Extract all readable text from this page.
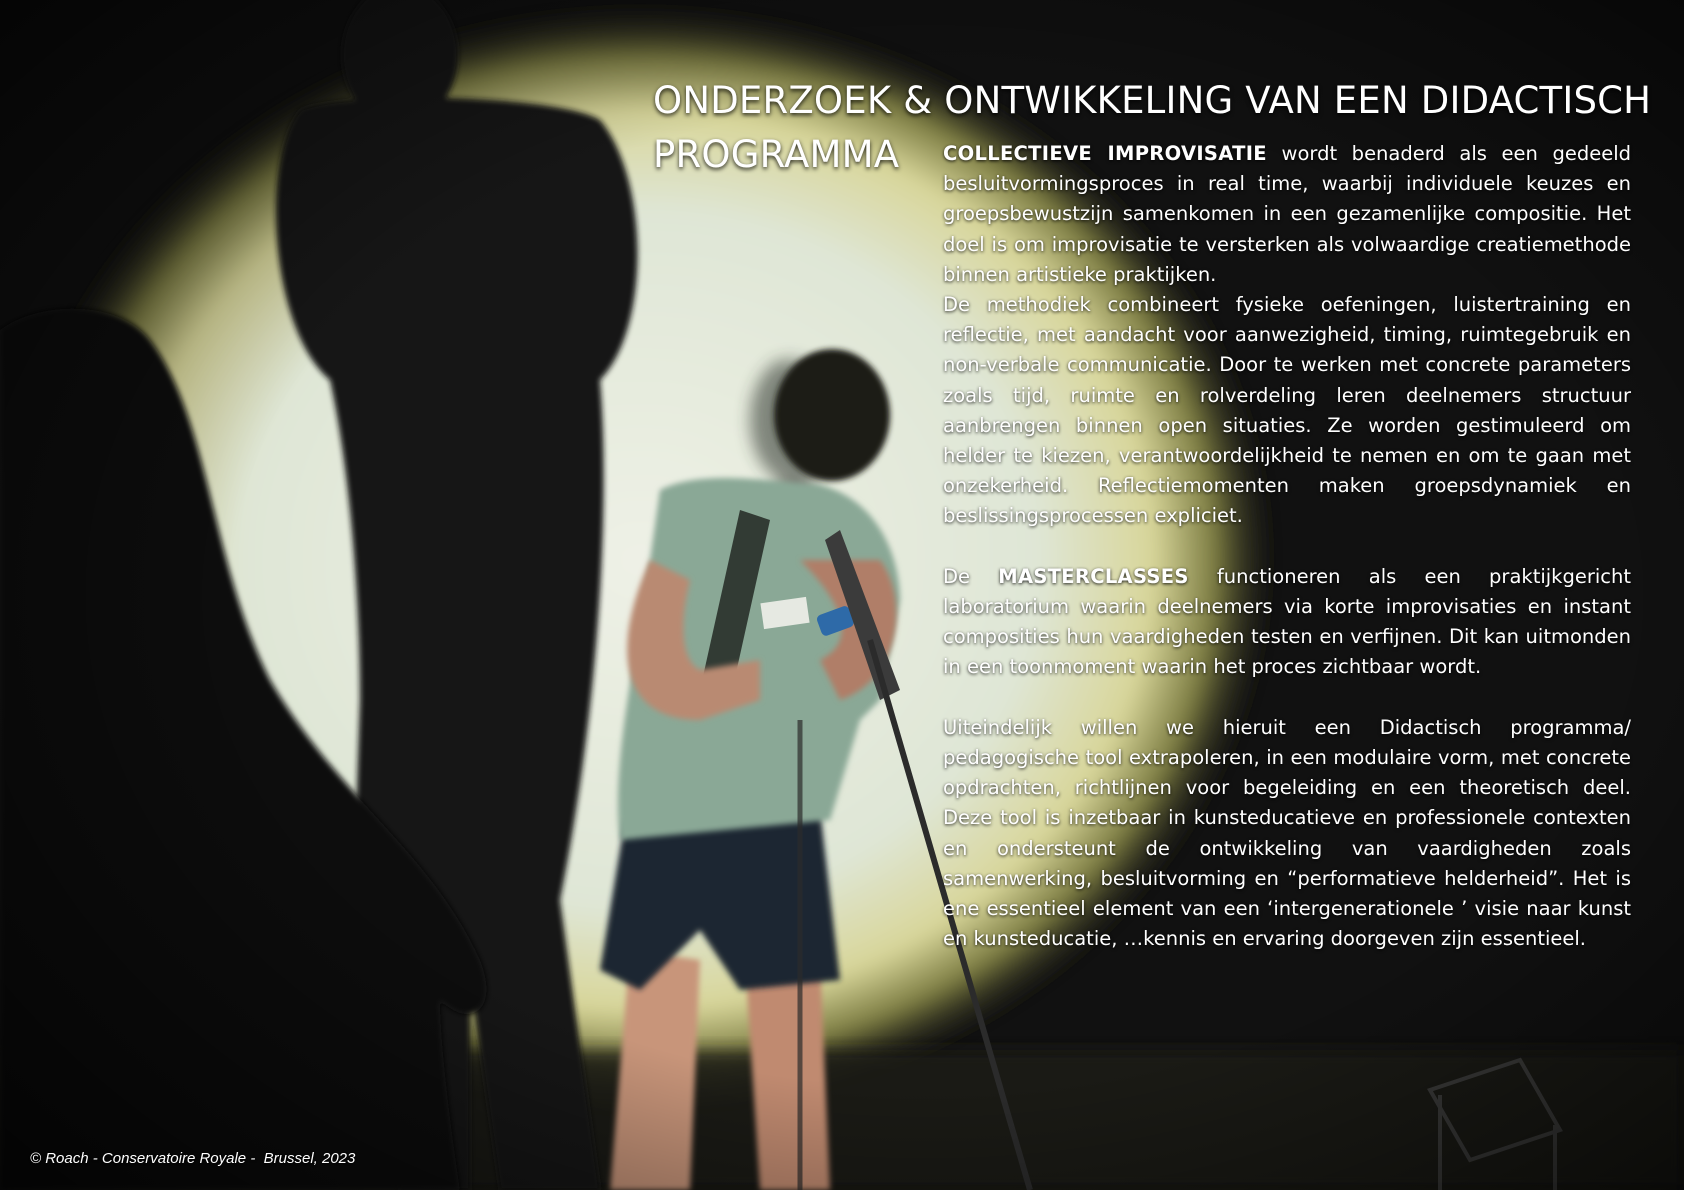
ONDERZOEK & ONTWIKKELING VAN EEN DIDACTISCH
PROGRAMMA	COLLECTIEVE IMPROVISATIE wordt benaderd als een gedeeld besluitvormingsproces in real time, waarbij individuele keuzes en groepsbewustzijn samenkomen in een gezamenlijke compositie. Het doel is om improvisatie te versterken als volwaardige creatiemethode binnen artistieke praktijken.

De methodiek combineert fysieke oefeningen, luistertraining en reflectie, met aandacht voor aanwezigheid, timing, ruimtegebruik en non-verbale communicatie. Door te werken met concrete parameters zoals tijd, ruimte en rolverdeling leren deelnemers structuur aanbrengen binnen open situaties. Ze worden gestimuleerd om helder te kiezen, verantwoordelijkheid te nemen en om te gaan met onzekerheid. Reflectiemomenten maken groepsdynamiek en beslissingsprocessen expliciet.

De MASTERCLASSES functioneren als een praktijkgericht laboratorium waarin deelnemers via korte improvisaties en instant composities hun vaardigheden testen en verfijnen. Dit kan uitmonden in een toonmoment waarin het proces zichtbaar wordt.

Uiteindelijk willen we hieruit een Didactisch programma/ pedagogische tool extrapoleren, in een modulaire vorm, met concrete opdrachten, richtlijnen voor begeleiding en een theoretisch deel. Deze tool is inzetbaar in kunsteducatieve en professionele contexten en ondersteunt de ontwikkeling van vaardigheden zoals samenwerking, besluitvorming en “performatieve helderheid”. Het is ene essentieel element van een ‘intergenerationele ’ visie naar kunst en kunsteducatie, …kennis en ervaring doorgeven zijn essentieel.

© Roach - Conservatoire Royale -  Brussel, 2023
